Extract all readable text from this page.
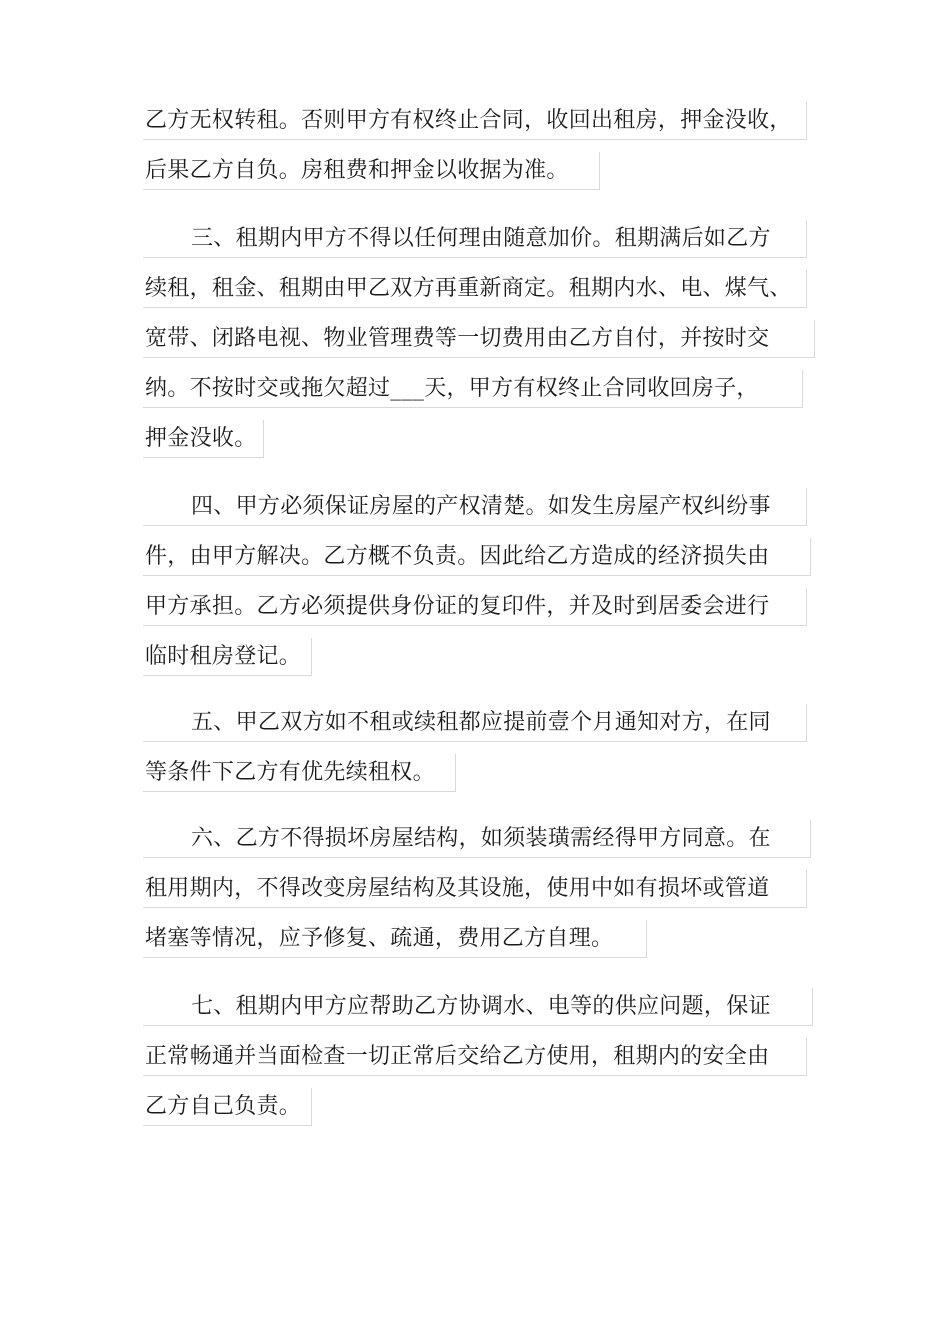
乙方无权转租。否则甲方有权终止合同，收回出租房，押金没收，
后果乙方自负。房租费和押金以收据为准。
三、租期内甲方不得以任何理由随意加价。租期满后如乙方
续租，租金、租期由甲乙双方再重新商定。租期内水、电、煤气、
宽带、闭路电视、物业管理费等一切费用由乙方自付，并按时交
纳。不按时交或拖欠超过___天，甲方有权终止合同收回房子，
押金没收。
四、甲方必须保证房屋的产权清楚。如发生房屋产权纠纷事
件，由甲方解决。乙方概不负责。因此给乙方造成的经济损失由
甲方承担。乙方必须提供身份证的复印件，并及时到居委会进行
临时租房登记。
五、甲乙双方如不租或续租都应提前壹个月通知对方，在同
等条件下乙方有优先续租权。
六、乙方不得损坏房屋结构，如须装璜需经得甲方同意。在
租用期内，不得改变房屋结构及其设施，使用中如有损坏或管道
堵塞等情况，应予修复、疏通，费用乙方自理。
七、租期内甲方应帮助乙方协调水、电等的供应问题，保证
正常畅通并当面检查一切正常后交给乙方使用，租期内的安全由
乙方自己负责。
